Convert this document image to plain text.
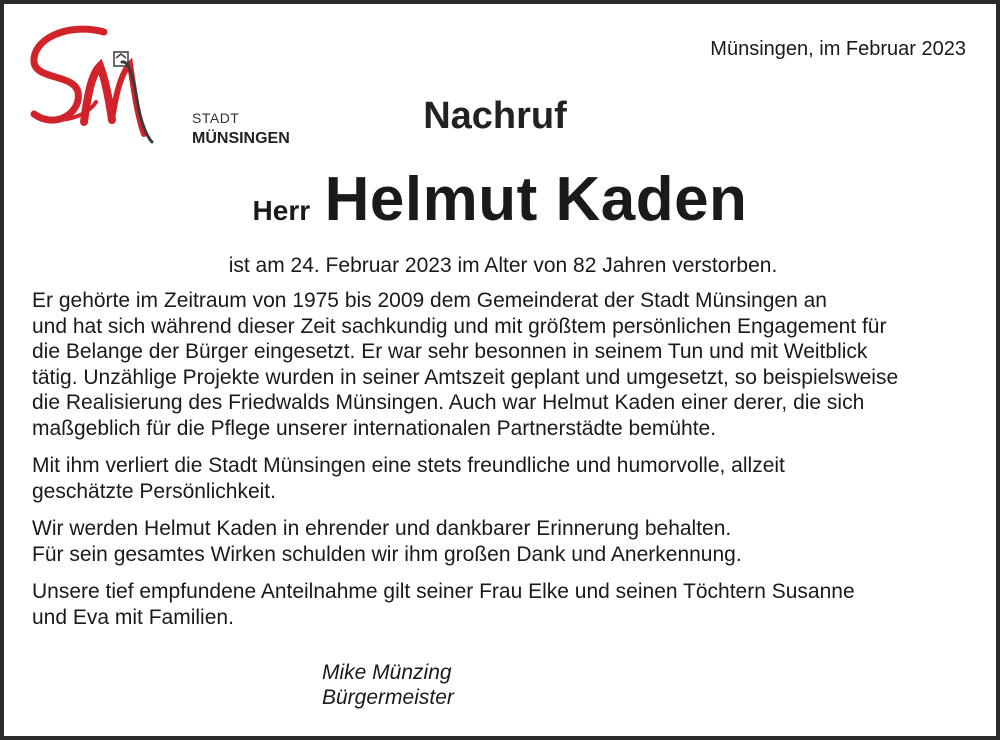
STADT
MÜNSINGEN
Münsingen, im Februar 2023
Nachruf
Herr Helmut Kaden
ist am 24. Februar 2023 im Alter von 82 Jahren verstorben.

Er gehörte im Zeitraum von 1975 bis 2009 dem Gemeinderat der Stadt Münsingen an
und hat sich während dieser Zeit sachkundig und mit größtem persönlichen Engagement für
die Belange der Bürger eingesetzt. Er war sehr besonnen in seinem Tun und mit Weitblick
tätig. Unzählige Projekte wurden in seiner Amtszeit geplant und umgesetzt, so beispielsweise
die Realisierung des Friedwalds Münsingen. Auch war Helmut Kaden einer derer, die sich
maßgeblich für die Pflege unserer internationalen Partnerstädte bemühte.

Mit ihm verliert die Stadt Münsingen eine stets freundliche und humorvolle, allzeit
geschätzte Persönlichkeit.

Wir werden Helmut Kaden in ehrender und dankbarer Erinnerung behalten.
Für sein gesamtes Wirken schulden wir ihm großen Dank und Anerkennung.

Unsere tief empfundene Anteilnahme gilt seiner Frau Elke und seinen Töchtern Susanne
und Eva mit Familien.

Mike Münzing
Bürgermeister
